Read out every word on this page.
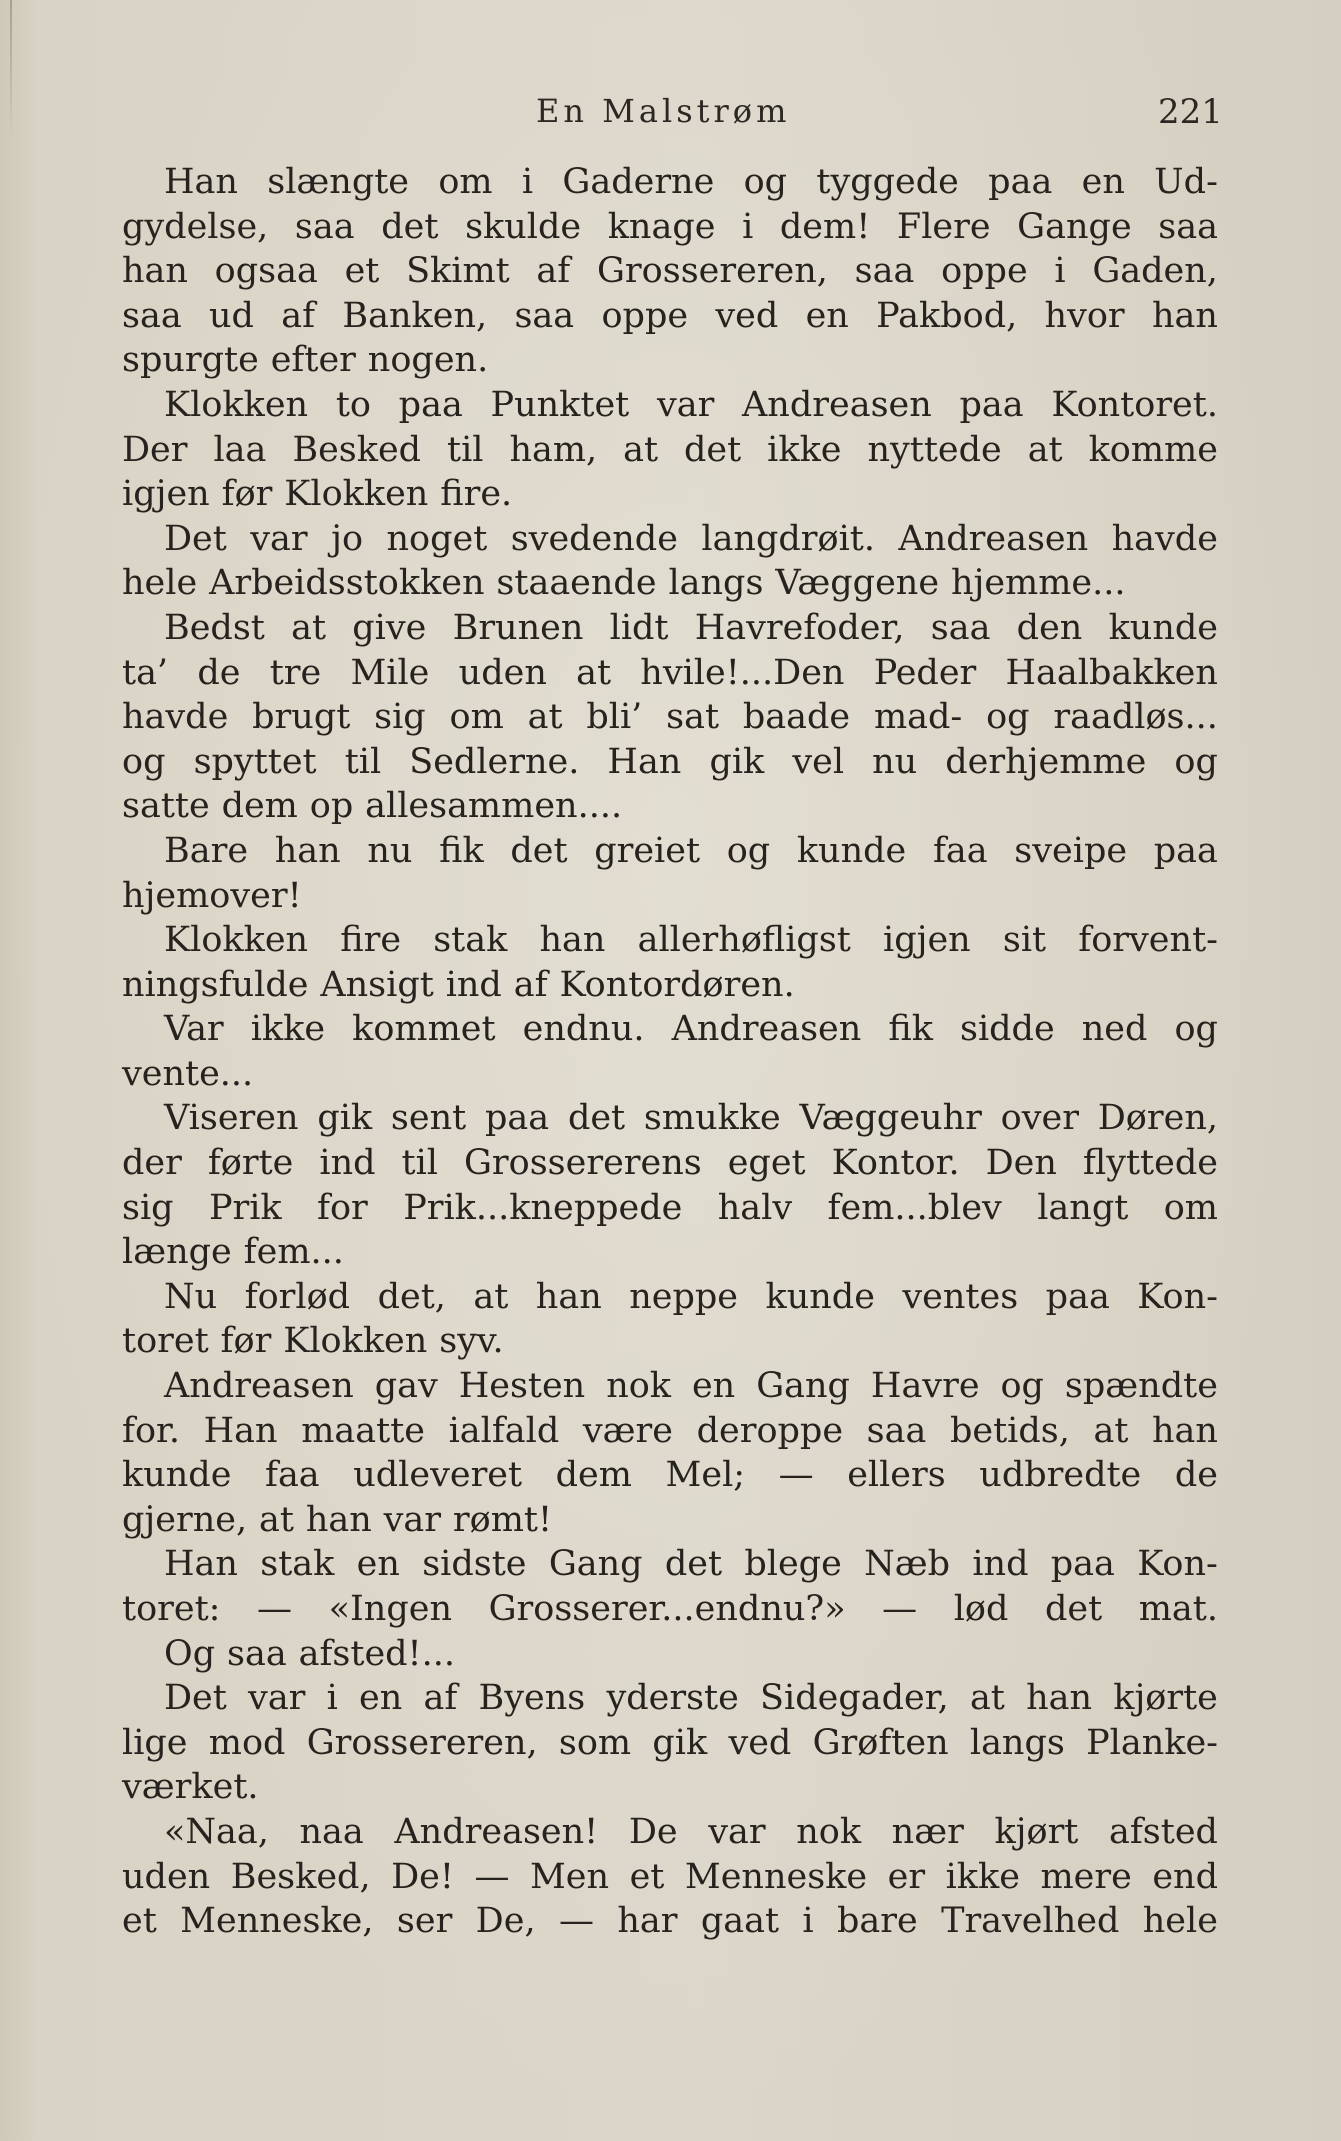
En Malstrøm	221
Han slængte om i Gaderne og tyggede paa en Ud-
gydelse, saa det skulde knage i dem! Flere Gange saa
han ogsaa et Skimt af Grossereren, saa oppe i Gaden,
saa ud af Banken, saa oppe ved en Pakbod, hvor han
spurgte efter nogen.
Klokken to paa Punktet var Andreasen paa Kontoret.
Der laa Besked til ham, at det ikke nyttede at komme
igjen før Klokken fire.
Det var jo noget svedende langdrøit. Andreasen havde
hele Arbeidsstokken staaende langs Væggene hjemme...
Bedst at give Brunen lidt Havrefoder, saa den kunde
ta’ de tre Mile uden at hvile!...Den Peder Haalbakken
havde brugt sig om at bli’ sat baade mad- og raadløs...
og spyttet til Sedlerne. Han gik vel nu derhjemme og
satte dem op allesammen....
Bare han nu fik det greiet og kunde faa sveipe paa
hjemover!
Klokken fire stak han allerhøfligst igjen sit forvent-
ningsfulde Ansigt ind af Kontordøren.
Var ikke kommet endnu. Andreasen fik sidde ned og
vente...
Viseren gik sent paa det smukke Væggeuhr over Døren,
der førte ind til Grossererens eget Kontor. Den flyttede
sig Prik for Prik...kneppede halv fem...blev langt om
længe fem...
Nu forlød det, at han neppe kunde ventes paa Kon-
toret før Klokken syv.
Andreasen gav Hesten nok en Gang Havre og spændte
for. Han maatte ialfald være deroppe saa betids, at han
kunde faa udleveret dem Mel; — ellers udbredte de
gjerne, at han var rømt!
Han stak en sidste Gang det blege Næb ind paa Kon-
toret: — «Ingen Grosserer...endnu?» — lød det mat.
Og saa afsted!...
Det var i en af Byens yderste Sidegader, at han kjørte
lige mod Grossereren, som gik ved Grøften langs Planke-
værket.
«Naa, naa Andreasen! De var nok nær kjørt afsted
uden Besked, De! — Men et Menneske er ikke mere end
et Menneske, ser De, — har gaat i bare Travelhed hele
